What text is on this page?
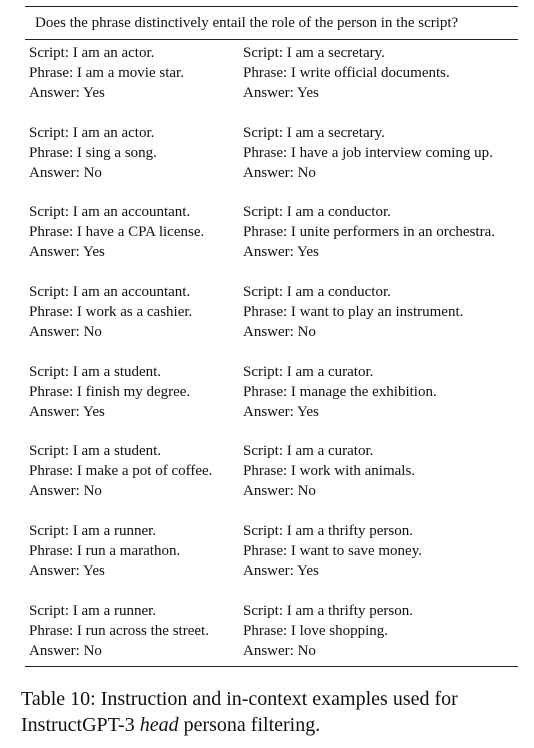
Does the phrase distinctively entail the role of the person in the script?
Script: I am an actor.
Phrase: I am a movie star.
Answer: Yes
Script: I am a secretary.
Phrase: I write official documents.
Answer: Yes
Script: I am an actor.
Phrase: I sing a song.
Answer: No
Script: I am a secretary.
Phrase: I have a job interview coming up.
Answer: No
Script: I am an accountant.
Phrase: I have a CPA license.
Answer: Yes
Script: I am a conductor.
Phrase: I unite performers in an orchestra.
Answer: Yes
Script: I am an accountant.
Phrase: I work as a cashier.
Answer: No
Script: I am a conductor.
Phrase: I want to play an instrument.
Answer: No
Script: I am a student.
Phrase: I finish my degree.
Answer: Yes
Script: I am a curator.
Phrase: I manage the exhibition.
Answer: Yes
Script: I am a student.
Phrase: I make a pot of coffee.
Answer: No
Script: I am a curator.
Phrase: I work with animals.
Answer: No
Script: I am a runner.
Phrase: I run a marathon.
Answer: Yes
Script: I am a thrifty person.
Phrase: I want to save money.
Answer: Yes
Script: I am a runner.
Phrase: I run across the street.
Answer: No
Script: I am a thrifty person.
Phrase: I love shopping.
Answer: No
Table 10: Instruction and in-context examples used for InstructGPT-3 head persona filtering.
